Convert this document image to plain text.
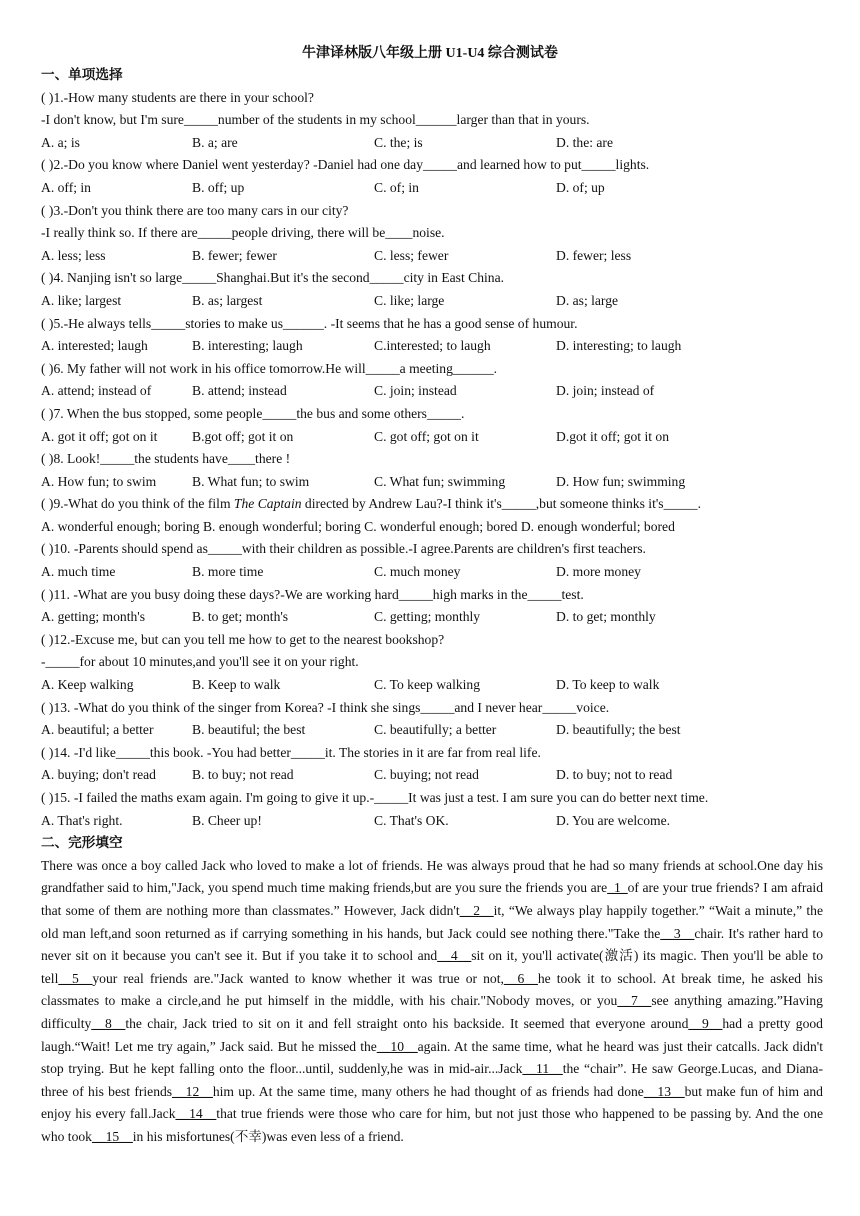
牛津译林版八年级上册 U1-U4 综合测试卷
一、单项选择
( )1.-How many students are there in your school?
-I don't know, but I'm sure_____number of the students in my school______larger than that in yours.
A. a; is	B. a; are	C. the; is	D. the: are
( )2.-Do you know where Daniel went yesterday? -Daniel had one day_____and learned how to put_____lights.
A. off; in	B. off; up	C. of; in	D. of; up
( )3.-Don't you think there are too many cars in our city?
-I really think so. If there are_____people driving, there will be____noise.
A. less; less	B. fewer; fewer	C. less; fewer	D. fewer; less
( )4. Nanjing isn't so large_____Shanghai.But it's the second_____city in East China.
A. like; largest	B. as; largest	C. like; large	D. as; large
( )5.-He always tells_____stories to make us______. -It seems that he has a good sense of humour.
A. interested; laugh	B. interesting; laugh	C.interested; to laugh	D. interesting; to laugh
( )6. My father will not work in his office tomorrow.He will_____a meeting______.
A. attend; instead of	B. attend; instead	C. join; instead	D. join; instead of
( )7. When the bus stopped, some people_____the bus and some others_____.
A. got it off; got on it	B.got off; got it on	C. got off; got on it	D.got it off; got it on
( )8. Look!_____the students have____there !
A. How fun; to swim	B. What fun; to swim	C. What fun; swimming	D. How fun; swimming
( )9.-What do you think of the film The Captain directed by Andrew Lau?-I think it's_____,but someone thinks it's_____.
A. wonderful enough; boring B. enough wonderful; boring C. wonderful enough; bored D. enough wonderful; bored
( )10. -Parents should spend as_____with their children as possible.-I agree.Parents are children's first teachers.
A. much time	B. more time	C. much money	D. more money
( )11. -What are you busy doing these days?-We are working hard_____high marks in the_____test.
A. getting; month's	B. to get; month's	C. getting; monthly	D. to get; monthly
( )12.-Excuse me, but can you tell me how to get to the nearest bookshop?
-_____for about 10 minutes,and you'll see it on your right.
A. Keep walking	B. Keep to walk	C. To keep walking	D. To keep to walk
( )13. -What do you think of the singer from Korea? -I think she sings_____and I never hear_____voice.
A. beautiful; a better	B. beautiful; the best	C. beautifully; a better	D. beautifully; the best
( )14. -I'd like_____this book. -You had better_____it. The stories in it are far from real life.
A. buying; don't read	B. to buy; not read	C. buying; not read	D. to buy; not to read
( )15. -I failed the maths exam again. I'm going to give it up.-_____It was just a test. I am sure you can do better next time.
A. That's right.	B. Cheer up!	C. That's OK.	D. You are welcome.
二、完形填空
There was once a boy called Jack who loved to make a lot of friends. He was always proud that he had so many friends at school.One day his grandfather said to him,"Jack, you spend much time making friends,but are you sure the friends you are_1_of are your true friends? I am afraid that some of them are nothing more than classmates.” However, Jack didn't__2__it, “We always play happily together.” “Wait a minute,” the old man left,and soon returned as if carrying something in his hands, but Jack could see nothing there."Take the__3__chair. It's rather hard to never sit on it because you can't see it. But if you take it to school and__4__sit on it, you'll activate(激活) its magic. Then you'll be able to tell__5__your real friends are."Jack wanted to know whether it was true or not,__6__he took it to school. At break time, he asked his classmates to make a circle,and he put himself in the middle, with his chair."Nobody moves, or you__7__see anything amazing.”Having difficulty__8__the chair, Jack tried to sit on it and fell straight onto his backside. It seemed that everyone around__9__had a pretty good laugh.“Wait! Let me try again,” Jack said. But he missed the__10__again. At the same time, what he heard was just their catcalls. Jack didn't stop trying. But he kept falling onto the floor...until, suddenly,he was in mid-air...Jack__11__the “chair”. He saw George.Lucas, and Diana-three of his best friends__12__him up. At the same time, many others he had thought of as friends had done__13__but make fun of him and enjoy his every fall.Jack__14__that true friends were those who care for him, but not just those who happened to be passing by. And the one who took__15__in his misfortunes(不幸)was even less of a friend.
